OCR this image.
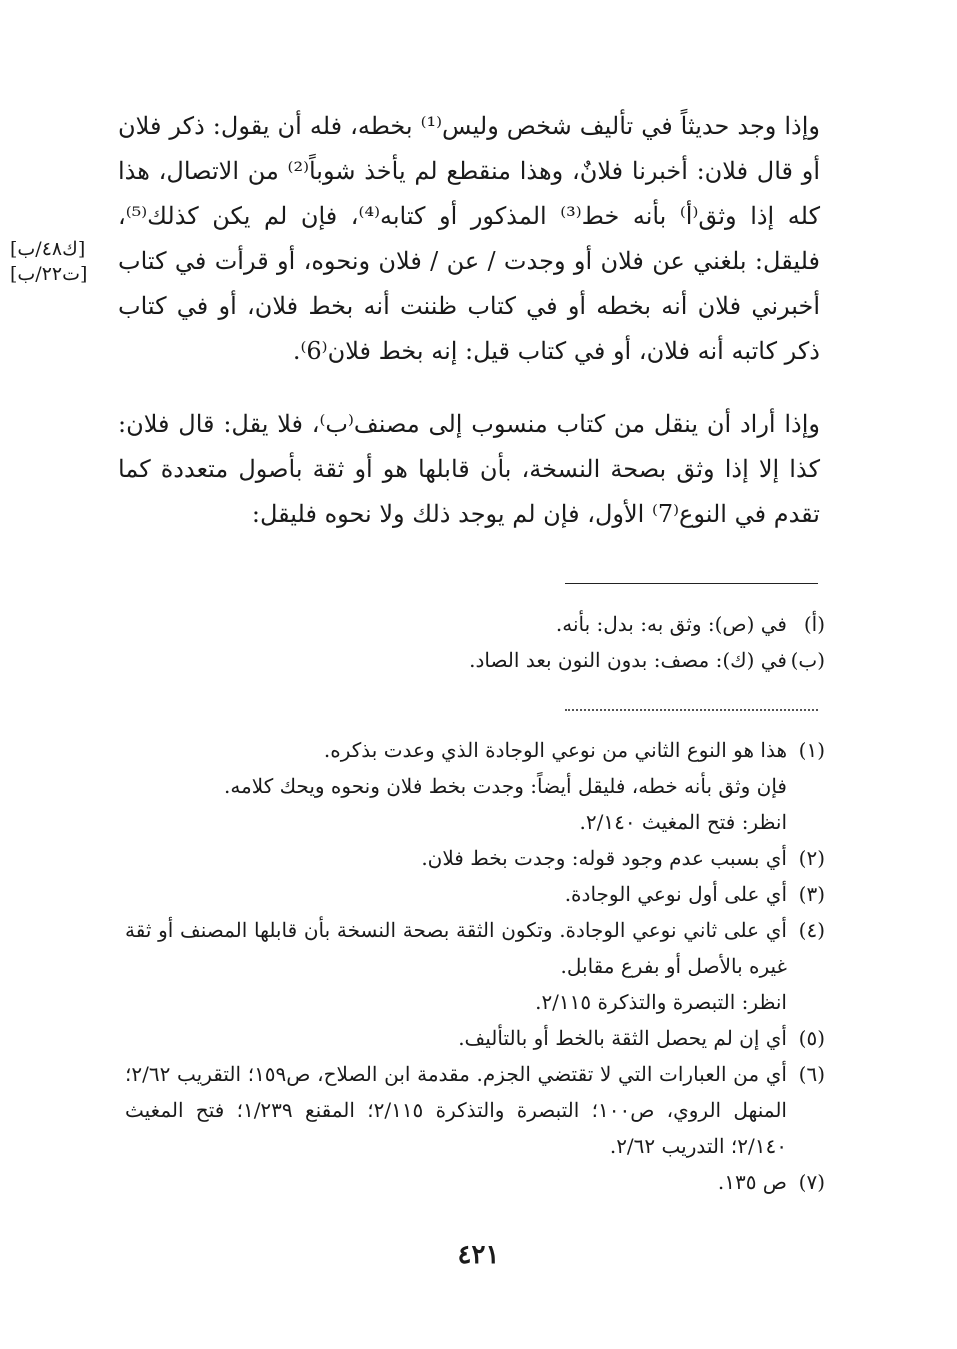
وإذا وجد حديثاً في تأليف شخص وليس⁽¹⁾ بخطه، فله أن يقول: ذكر فلان أو قال فلان: أخبرنا فلانٌ، وهذا منقطع لم يأخذ شوباً⁽²⁾ من الاتصال، هذا كله إذا وثق⁽أ⁾ بأنه خط⁽³⁾ المذكور أو كتابه⁽⁴⁾، فإن لم يكن كذلك⁽⁵⁾، فليقل: بلغني عن فلان أو وجدت / عن / فلان ونحوه، أو قرأت في كتاب أخبرني فلان أنه بخطه أو في كتاب ظننت أنه بخط فلان، أو في كتاب ذكر كاتبه أنه فلان، أو في كتاب قيل: إنه بخط فلان⁽6⁾.

[ك٤٨/ب]
[ت٢٢/ب]

وإذا أراد أن ينقل من كتاب منسوب إلى مصنف⁽ب⁾، فلا يقل: قال فلان: كذا إلا إذا وثق بصحة النسخة، بأن قابلها هو أو ثقة بأصول متعددة كما تقدم في النوع⁽7⁾ الأول، فإن لم يوجد ذلك ولا نحوه فليقل:

(أ)
في (ص): وثق به: بدل: بأنه.
(ب)
في (ك): مصف: بدون النون بعد الصاد.
(١)
هذا هو النوع الثاني من نوعي الوجادة الذي وعدت بذكره.
فإن وثق بأنه خطه، فليقل أيضاً: وجدت بخط فلان ونحوه ويحك كلامه.
انظر: فتح المغيث ٢/١٤٠.
(٢)
أي بسبب عدم وجود قوله: وجدت بخط فلان.
(٣)
أي على أول نوعي الوجادة.
(٤)
أي على ثاني نوعي الوجادة. وتكون الثقة بصحة النسخة بأن قابلها المصنف أو ثقة غيره بالأصل أو بفرع مقابل.
انظر: التبصرة والتذكرة ٢/١١٥.
(٥)
أي إن لم يحصل الثقة بالخط أو بالتأليف.
(٦)
أي من العبارات التي لا تقتضي الجزم. مقدمة ابن الصلاح، ص١٥٩؛ التقريب ٢/٦٢؛ المنهل الروي، ص١٠٠؛ التبصرة والتذكرة ٢/١١٥؛ المقنع ١/٢٣٩؛ فتح المغيث ٢/١٤٠؛ التدريب ٢/٦٢.
(٧)
ص ١٣٥.
٤٢١
